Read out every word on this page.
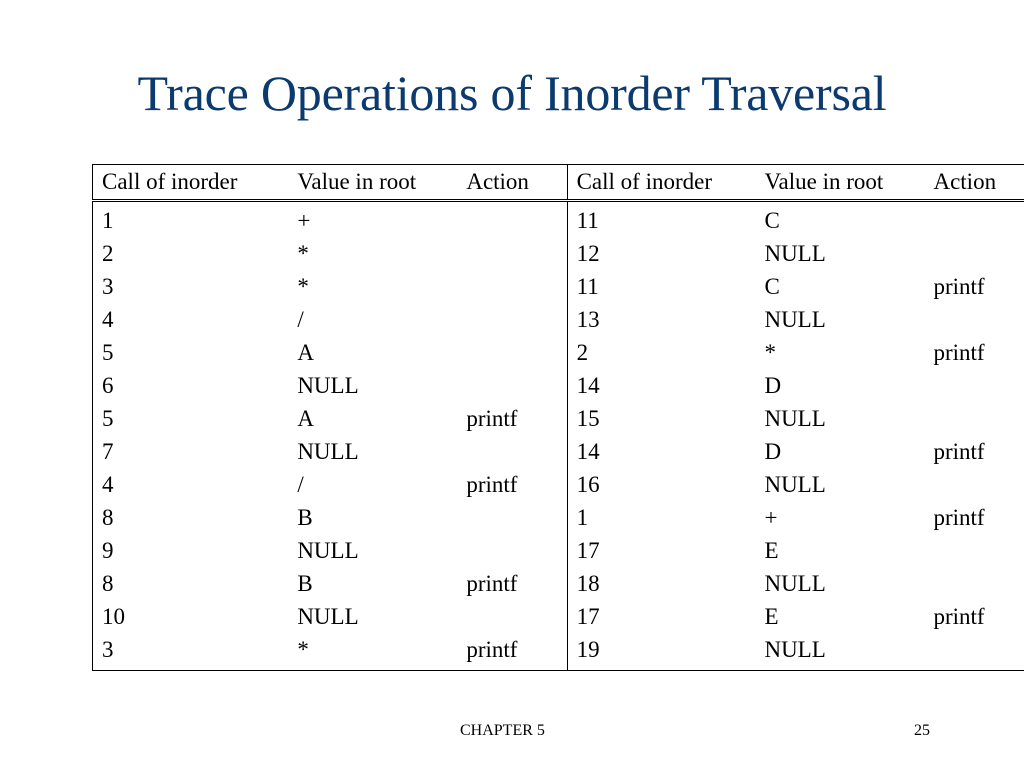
Trace Operations of Inorder Traversal
Call of inorder	Value in root	Action	Call of inorder	Value in root	Action
1	+		11	C	
2	*		12	NULL	
3	*		11	C	printf
4	/		13	NULL	
5	A		2	*	printf
6	NULL		14	D	
5	A	printf	15	NULL	
7	NULL		14	D	printf
4	/	printf	16	NULL	
8	B		1	+	printf
9	NULL		17	E	
8	B	printf	18	NULL	
10	NULL		17	E	printf
3	*	printf	19	NULL	
CHAPTER 5	25
